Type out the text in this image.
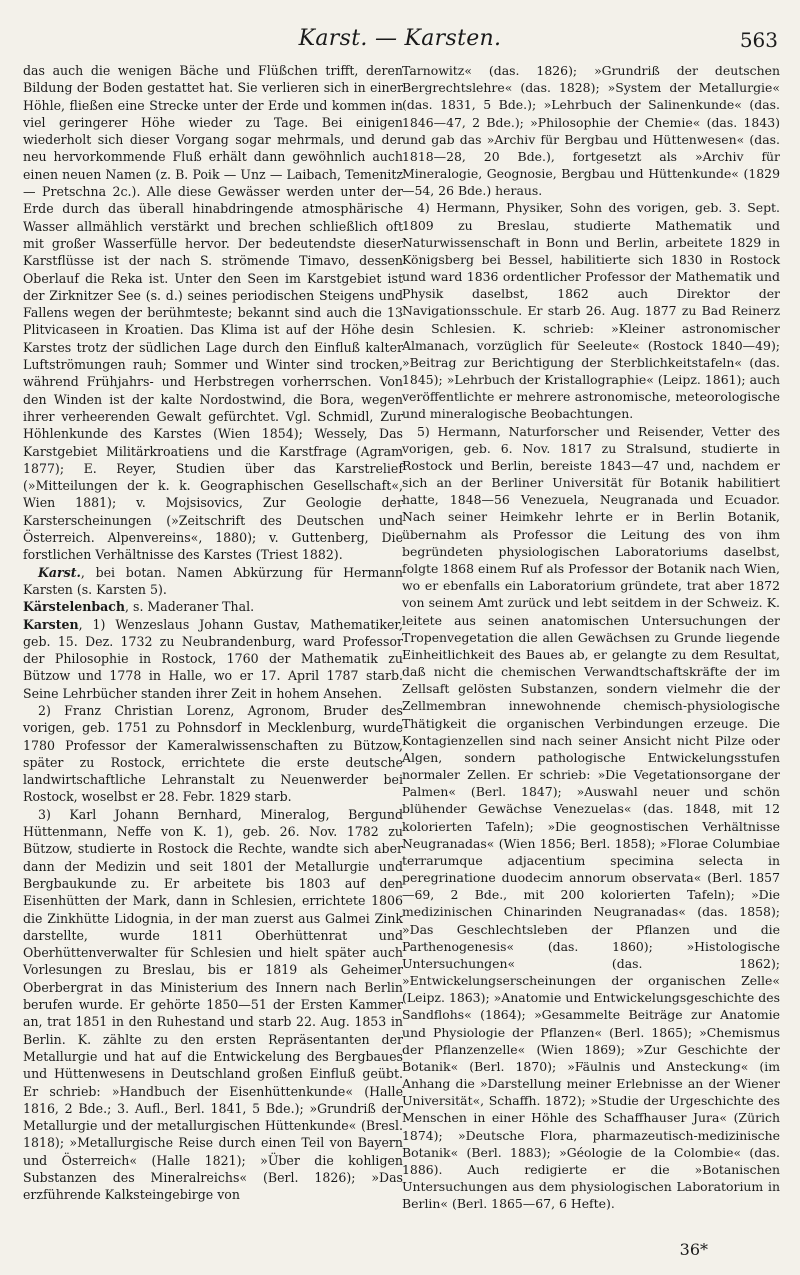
Karst. — Karsten.	563

das auch die wenigen Bäche und Flüßchen trifft, deren Bildung der Boden gestattet hat. Sie verlieren sich in einer Höhle, fließen eine Strecke unter der Erde und kommen in viel geringerer Höhe wieder zu Tage. Bei einigen wiederholt sich dieser Vorgang sogar mehrmals, und der neu hervorkommende Fluß erhält dann gewöhnlich auch einen neuen Namen (z. B. Poik — Unz — Laibach, Temenitz — Pretschna 2c.). Alle diese Gewässer werden unter der Erde durch das überall hinabdringende atmosphärische Wasser allmählich verstärkt und brechen schließlich oft mit großer Wasserfülle hervor. Der bedeutendste dieser Karstflüsse ist der nach S. strömende Timavo, dessen Oberlauf die Reka ist. Unter den Seen im Karstgebiet ist der Zirknitzer See (s. d.) seines periodischen Steigens und Fallens wegen der berühmteste; bekannt sind auch die 13 Plitvicaseen in Kroatien. Das Klima ist auf der Höhe des Karstes trotz der südlichen Lage durch den Einfluß kalter Luftströmungen rauh; Sommer und Winter sind trocken, während Frühjahrs- und Herbstregen vorherrschen. Von den Winden ist der kalte Nordostwind, die Bora, wegen ihrer verheerenden Gewalt gefürchtet. Vgl. Schmidl, Zur Höhlenkunde des Karstes (Wien 1854); Wessely, Das Karstgebiet Militärkroatiens und die Karstfrage (Agram 1877); E. Reyer, Studien über das Karstrelief (»Mitteilungen der k. k. Geographischen Gesellschaft«, Wien 1881); v. Mojsisovics, Zur Geologie der Karsterscheinungen (»Zeitschrift des Deutschen und Österreich. Alpenvereins«, 1880); v. Guttenberg, Die forstlichen Verhältnisse des Karstes (Triest 1882).

Karst., bei botan. Namen Abkürzung für Hermann Karsten (s. Karsten 5).

Kärstelenbach, s. Maderaner Thal.

Karsten, 1) Wenzeslaus Johann Gustav, Mathematiker, geb. 15. Dez. 1732 zu Neubrandenburg, ward Professor der Philosophie in Rostock, 1760 der Mathematik zu Bützow und 1778 in Halle, wo er 17. April 1787 starb. Seine Lehrbücher standen ihrer Zeit in hohem Ansehen.

2) Franz Christian Lorenz, Agronom, Bruder des vorigen, geb. 1751 zu Pohnsdorf in Mecklenburg, wurde 1780 Professor der Kameralwissenschaften zu Bützow, später zu Rostock, errichtete die erste deutsche landwirtschaftliche Lehranstalt zu Neuenwerder bei Rostock, woselbst er 28. Febr. 1829 starb.

3) Karl Johann Bernhard, Mineralog, Bergund Hüttenmann, Neffe von K. 1), geb. 26. Nov. 1782 zu Bützow, studierte in Rostock die Rechte, wandte sich aber dann der Medizin und seit 1801 der Metallurgie und Bergbaukunde zu. Er arbeitete bis 1803 auf den Eisenhütten der Mark, dann in Schlesien, errichtete 1806 die Zinkhütte Lidognia, in der man zuerst aus Galmei Zink darstellte, wurde 1811 Oberhüttenrat und Oberhüttenverwalter für Schlesien und hielt später auch Vorlesungen zu Breslau, bis er 1819 als Geheimer Oberbergrat in das Ministerium des Innern nach Berlin berufen wurde. Er gehörte 1850—51 der Ersten Kammer an, trat 1851 in den Ruhestand und starb 22. Aug. 1853 in Berlin. K. zählte zu den ersten Repräsentanten der Metallurgie und hat auf die Entwickelung des Bergbaues und Hüttenwesens in Deutschland großen Einfluß geübt. Er schrieb: »Handbuch der Eisenhüttenkunde« (Halle 1816, 2 Bde.; 3. Aufl., Berl. 1841, 5 Bde.); »Grundriß der Metallurgie und der metallurgischen Hüttenkunde« (Bresl. 1818); »Metallurgische Reise durch einen Teil von Bayern und Österreich« (Halle 1821); »Über die kohligen Substanzen des Mineralreichs« (Berl. 1826); »Das erzführende Kalksteingebirge von

Tarnowitz« (das. 1826); »Grundriß der deutschen Bergrechtslehre« (das. 1828); »System der Metallurgie« (das. 1831, 5 Bde.); »Lehrbuch der Salinenkunde« (das. 1846—47, 2 Bde.); »Philosophie der Chemie« (das. 1843) und gab das »Archiv für Bergbau und Hüttenwesen« (das. 1818—28, 20 Bde.), fortgesetzt als »Archiv für Mineralogie, Geognosie, Bergbau und Hüttenkunde« (1829—54, 26 Bde.) heraus.

4) Hermann, Physiker, Sohn des vorigen, geb. 3. Sept. 1809 zu Breslau, studierte Mathematik und Naturwissenschaft in Bonn und Berlin, arbeitete 1829 in Königsberg bei Bessel, habilitierte sich 1830 in Rostock und ward 1836 ordentlicher Professor der Mathematik und Physik daselbst, 1862 auch Direktor der Navigationsschule. Er starb 26. Aug. 1877 zu Bad Reinerz in Schlesien. K. schrieb: »Kleiner astronomischer Almanach, vorzüglich für Seeleute« (Rostock 1840—49); »Beitrag zur Berichtigung der Sterblichkeitstafeln« (das. 1845); »Lehrbuch der Kristallographie« (Leipz. 1861); auch veröffentlichte er mehrere astronomische, meteorologische und mineralogische Beobachtungen.

5) Hermann, Naturforscher und Reisender, Vetter des vorigen, geb. 6. Nov. 1817 zu Stralsund, studierte in Rostock und Berlin, bereiste 1843—47 und, nachdem er sich an der Berliner Universität für Botanik habilitiert hatte, 1848—56 Venezuela, Neugranada und Ecuador. Nach seiner Heimkehr lehrte er in Berlin Botanik, übernahm als Professor die Leitung des von ihm begründeten physiologischen Laboratoriums daselbst, folgte 1868 einem Ruf als Professor der Botanik nach Wien, wo er ebenfalls ein Laboratorium gründete, trat aber 1872 von seinem Amt zurück und lebt seitdem in der Schweiz. K. leitete aus seinen anatomischen Untersuchungen der Tropenvegetation die allen Gewächsen zu Grunde liegende Einheitlichkeit des Baues ab, er gelangte zu dem Resultat, daß nicht die chemischen Verwandtschaftskräfte der im Zellsaft gelösten Substanzen, sondern vielmehr die der Zellmembran innewohnende chemisch-physiologische Thätigkeit die organischen Verbindungen erzeuge. Die Kontagienzellen sind nach seiner Ansicht nicht Pilze oder Algen, sondern pathologische Entwickelungsstufen normaler Zellen. Er schrieb: »Die Vegetationsorgane der Palmen« (Berl. 1847); »Auswahl neuer und schön blühender Gewächse Venezuelas« (das. 1848, mit 12 kolorierten Tafeln); »Die geognostischen Verhältnisse Neugranadas« (Wien 1856; Berl. 1858); »Florae Columbiae terrarumque adjacentium specimina selecta in peregrinatione duodecim annorum observata« (Berl. 1857—69, 2 Bde., mit 200 kolorierten Tafeln); »Die medizinischen Chinarinden Neugranadas« (das. 1858); »Das Geschlechtsleben der Pflanzen und die Parthenogenesis« (das. 1860); »Histologische Untersuchungen« (das. 1862); »Entwickelungserscheinungen der organischen Zelle« (Leipz. 1863); »Anatomie und Entwickelungsgeschichte des Sandflohs« (1864); »Gesammelte Beiträge zur Anatomie und Physiologie der Pflanzen« (Berl. 1865); »Chemismus der Pflanzenzelle« (Wien 1869); »Zur Geschichte der Botanik« (Berl. 1870); »Fäulnis und Ansteckung« (im Anhang die »Darstellung meiner Erlebnisse an der Wiener Universität«, Schaffh. 1872); »Studie der Urgeschichte des Menschen in einer Höhle des Schaffhauser Jura« (Zürich 1874); »Deutsche Flora, pharmazeutisch-medizinische Botanik« (Berl. 1883); »Géologie de la Colombie« (das. 1886). Auch redigierte er die »Botanischen Untersuchungen aus dem physiologischen Laboratorium in Berlin« (Berl. 1865—67, 6 Hefte).

36*
